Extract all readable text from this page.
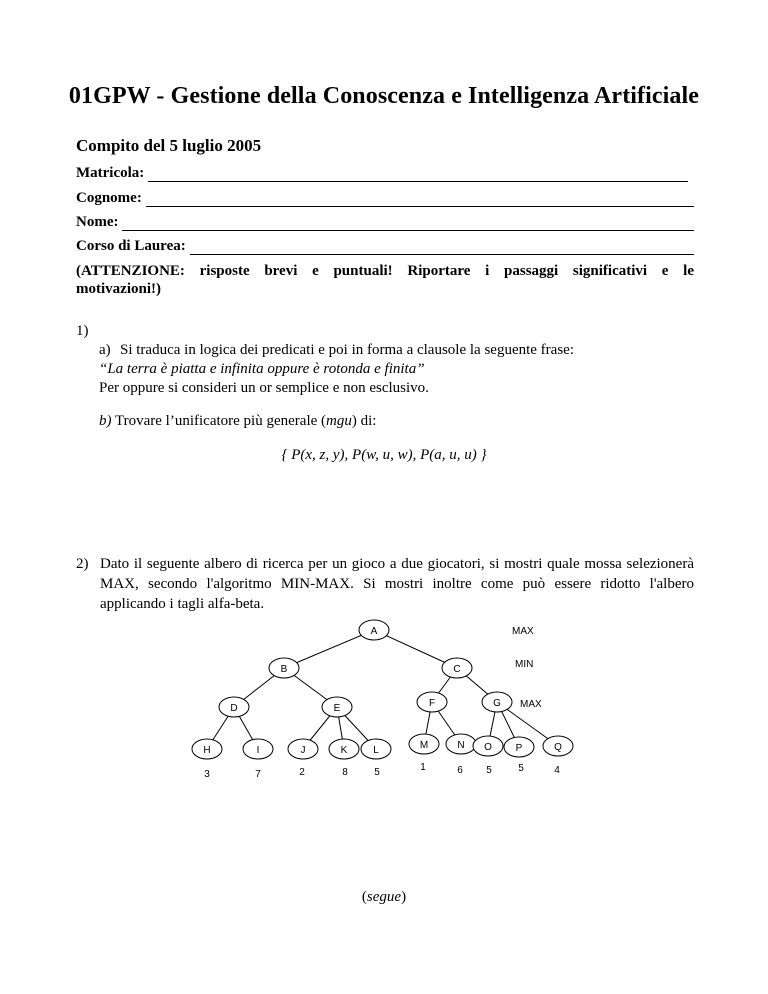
01GPW - Gestione della Conoscenza e Intelligenza Artificiale
Compito del 5 luglio 2005
Matricola:
Cognome:
Nome:
Corso di Laurea:
(ATTENZIONE: risposte brevi e puntuali! Riportare i passaggi significativi e le
motivazioni!)
1)
a) Si traduca in logica dei predicati e poi in forma a clausole la seguente frase:
“La terra è piatta e infinita oppure è rotonda e finita”
Per oppure si consideri un or semplice e non esclusivo.
b) Trovare l’unificatore più generale (mgu) di:
{ P(x, z, y), P(w, u, w), P(a, u, u) }
2) Dato il seguente albero di ricerca per un gioco a due giocatori, si mostri quale mossa selezionerà MAX, secondo l'algoritmo MIN-MAX. Si mostri inoltre come può essere ridotto l'albero applicando i tagli alfa-beta.
A
B	C
D	E	F	G
H	I	J	K	L	M	N O P	Q
3	7	2	8	5	1	6 5	5	4
MAX
MIN
MAX
(segue)
